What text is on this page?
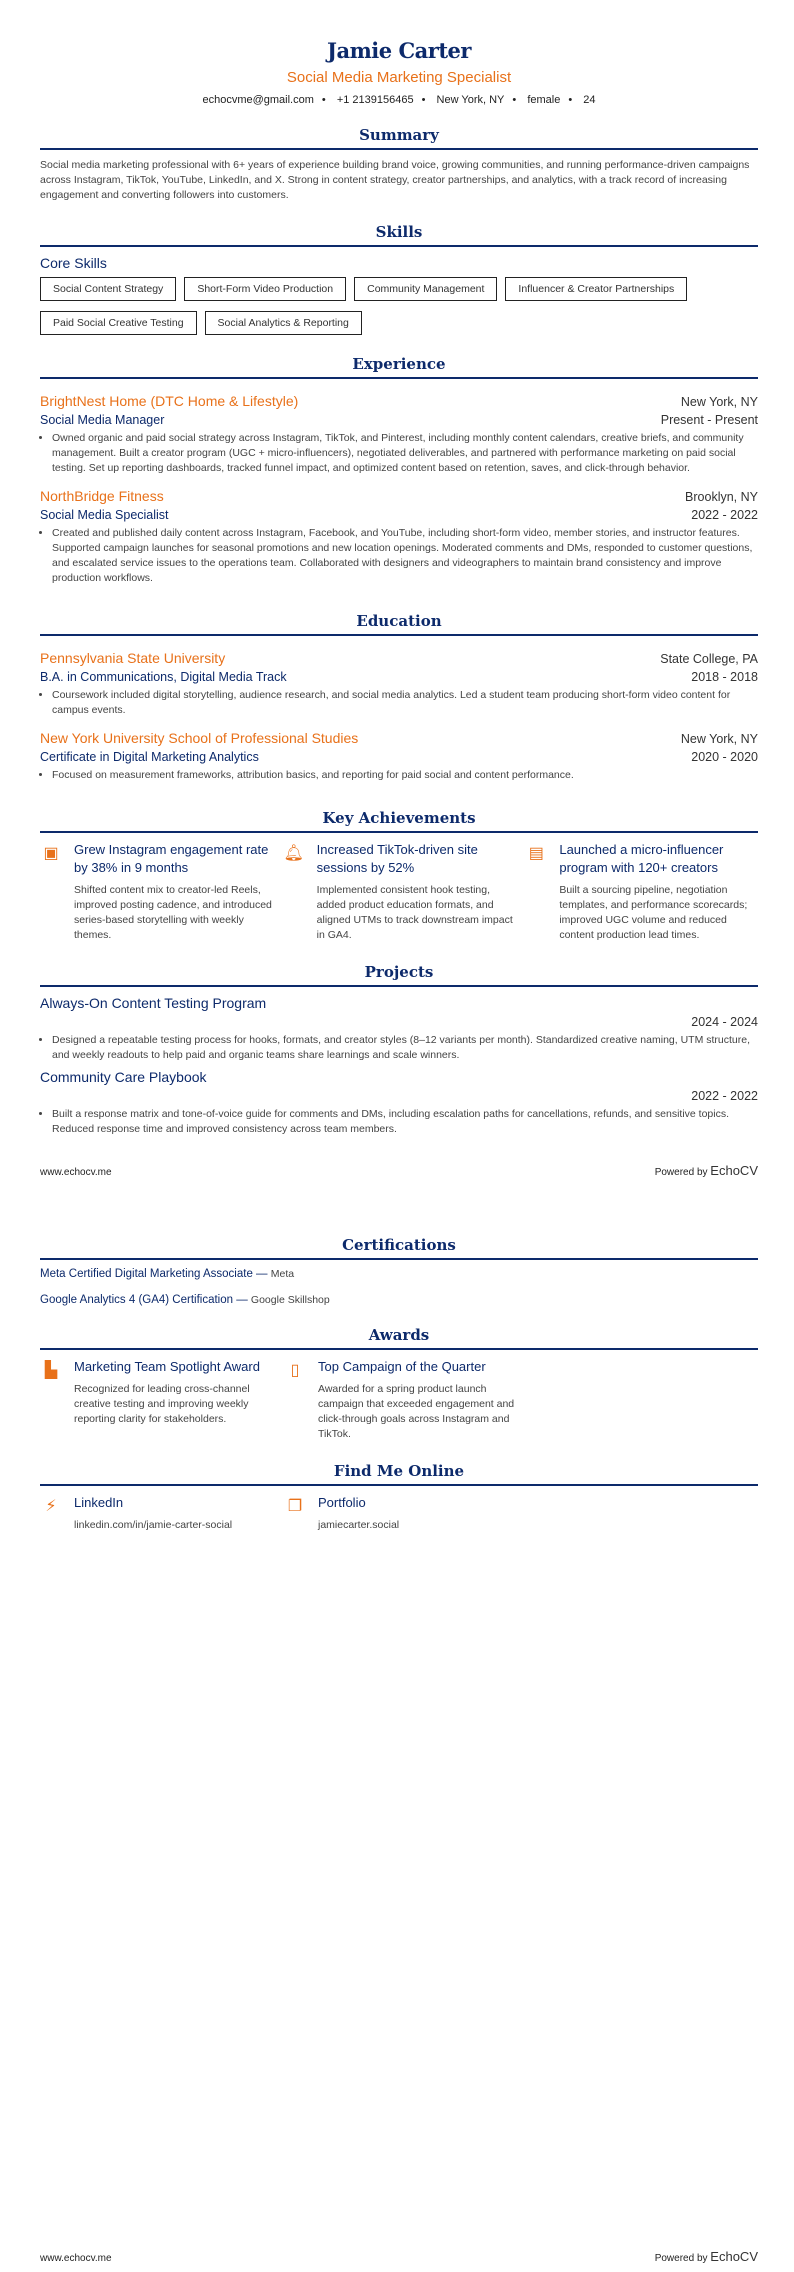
Jamie Carter
Social Media Marketing Specialist
echocvme@gmail.com • +1 2139156465 • New York, NY • female • 24
Summary

Social media marketing professional with 6+ years of experience building brand voice, growing communities, and running performance-driven campaigns across Instagram, TikTok, YouTube, LinkedIn, and X. Strong in content strategy, creator partnerships, and analytics, with a track record of increasing engagement and converting followers into customers.

Skills
Core Skills
Social Content Strategy	Short-Form Video Production	Community Management	Influencer & Creator Partnerships
Paid Social Creative Testing	Social Analytics & Reporting
Experience
BrightNest Home (DTC Home & Lifestyle)	New York, NY
Social Media Manager	Present - Present
• Owned organic and paid social strategy across Instagram, TikTok, and Pinterest, including monthly content calendars, creative briefs, and community management. Built a creator program (UGC + micro-influencers), negotiated deliverables, and partnered with performance marketing on paid social testing. Set up reporting dashboards, tracked funnel impact, and optimized content based on retention, saves, and click-through behavior.
NorthBridge Fitness	Brooklyn, NY
Social Media Specialist	2022 - 2022
• Created and published daily content across Instagram, Facebook, and YouTube, including short-form video, member stories, and instructor features. Supported campaign launches for seasonal promotions and new location openings. Moderated comments and DMs, responded to customer questions, and escalated service issues to the operations team. Collaborated with designers and videographers to maintain brand consistency and improve production workflows.
Education
Pennsylvania State University	State College, PA
B.A. in Communications, Digital Media Track	2018 - 2018
• Coursework included digital storytelling, audience research, and social media analytics. Led a student team producing short-form video content for campus events.
New York University School of Professional Studies	New York, NY
Certificate in Digital Marketing Analytics	2020 - 2020
• Focused on measurement frameworks, attribution basics, and reporting for paid social and content performance.
Key Achievements
▣ Grew Instagram engagement rate by 38% in 9 months

Shifted content mix to creator-led Reels, improved posting cadence, and introduced series-based storytelling with weekly themes.

🔔︎ Increased TikTok-driven site sessions by 52%

Implemented consistent hook testing, added product education formats, and aligned UTMs to track downstream impact in GA4.

▤ Launched a micro-influencer program with 120+ creators

Built a sourcing pipeline, negotiation templates, and performance scorecards; improved UGC volume and reduced content production lead times.

Projects
Always-On Content Testing Program
2024 - 2024
• Designed a repeatable testing process for hooks, formats, and creator styles (8–12 variants per month). Standardized creative naming, UTM structure, and weekly readouts to help paid and organic teams share learnings and scale winners.
Community Care Playbook
2022 - 2022
• Built a response matrix and tone-of-voice guide for comments and DMs, including escalation paths for cancellations, refunds, and sensitive topics. Reduced response time and improved consistency across team members.
www.echocv.me	Powered by EchoCV
Certifications
Meta Certified Digital Marketing Associate — Meta
Google Analytics 4 (GA4) Certification — Google Skillshop
Awards
▙	Marketing Team Spotlight Award

Recognized for leading cross-channel creative testing and improving weekly reporting clarity for stakeholders.

▯	Top Campaign of the Quarter

Awarded for a spring product launch campaign that exceeded engagement and click-through goals across Instagram and TikTok.

Find Me Online
⚡︎	LinkedIn

linkedin.com/in/jamie-carter-social

❐ Portfolio

jamiecarter.social

www.echocv.me	Powered by EchoCV
